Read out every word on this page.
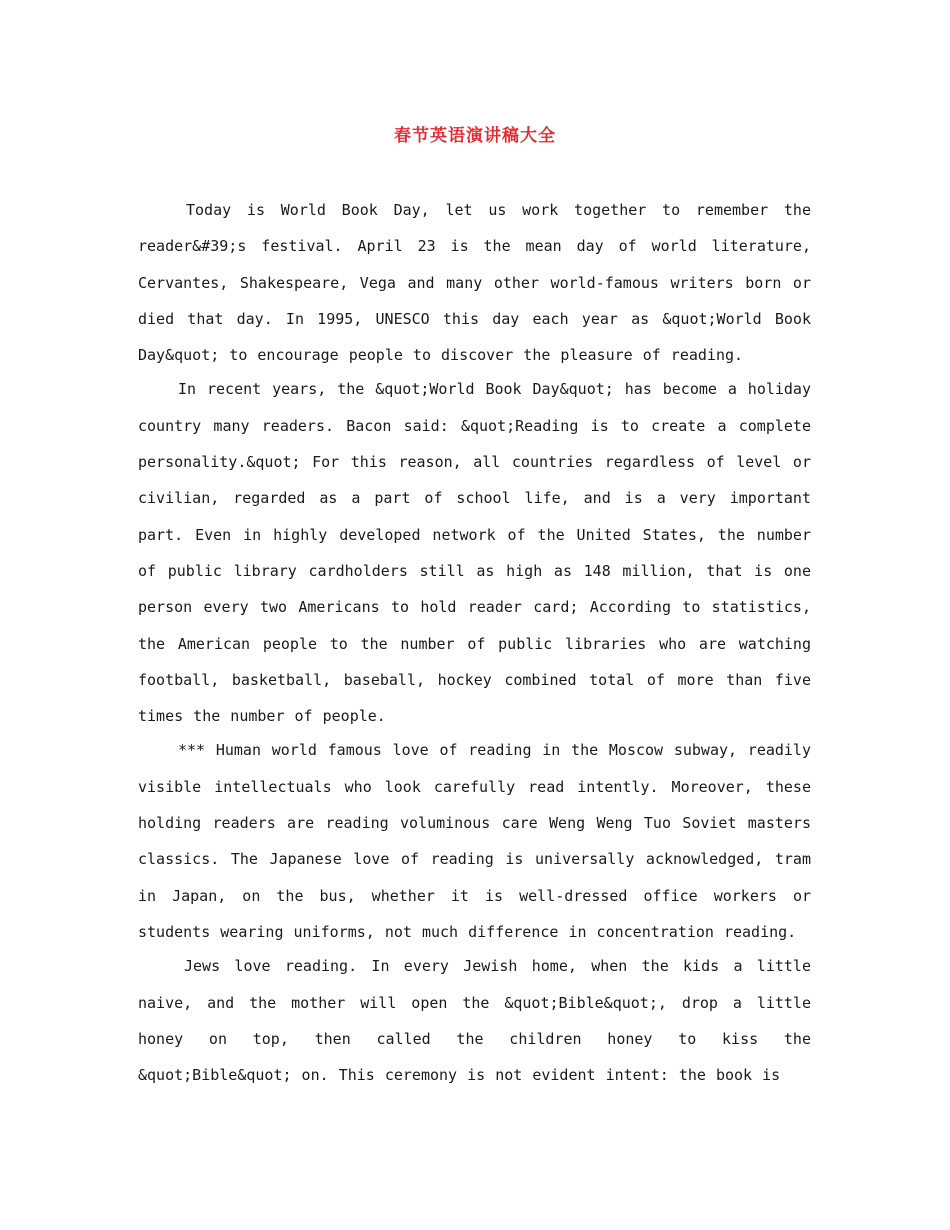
春节英语演讲稿大全

Today is World Book Day, let us work together to remember the reader&#39;s festival. April 23 is the mean day of world literature, Cervantes, Shakespeare, Vega and many other world-famous writers born or died that day. In 1995, UNESCO this day each year as &quot;World Book Day&quot; to encourage people to discover the pleasure of reading.

In recent years, the &quot;World Book Day&quot; has become a holiday country many readers. Bacon said: &quot;Reading is to create a complete personality.&quot; For this reason, all countries regardless of level or civilian, regarded as a part of school life, and is a very important part. Even in highly developed network of the United States, the number of public library cardholders still as high as 148 million, that is one person every two Americans to hold reader card; According to statistics, the American people to the number of public libraries who are watching football, basketball, baseball, hockey combined total of more than five times the number of people.

*** Human world famous love of reading in the Moscow subway, readily visible intellectuals who look carefully read intently. Moreover, these holding readers are reading voluminous care Weng Weng Tuo Soviet masters classics. The Japanese love of reading is universally acknowledged, tram in Japan, on the bus, whether it is well-dressed office workers or students wearing uniforms, not much difference in concentration reading.

Jews love reading. In every Jewish home, when the kids a little naive, and the mother will open the &quot;Bible&quot;, drop a little honey on top, then called the children honey to kiss the &quot;Bible&quot; on. This ceremony is not evident intent: the book is
